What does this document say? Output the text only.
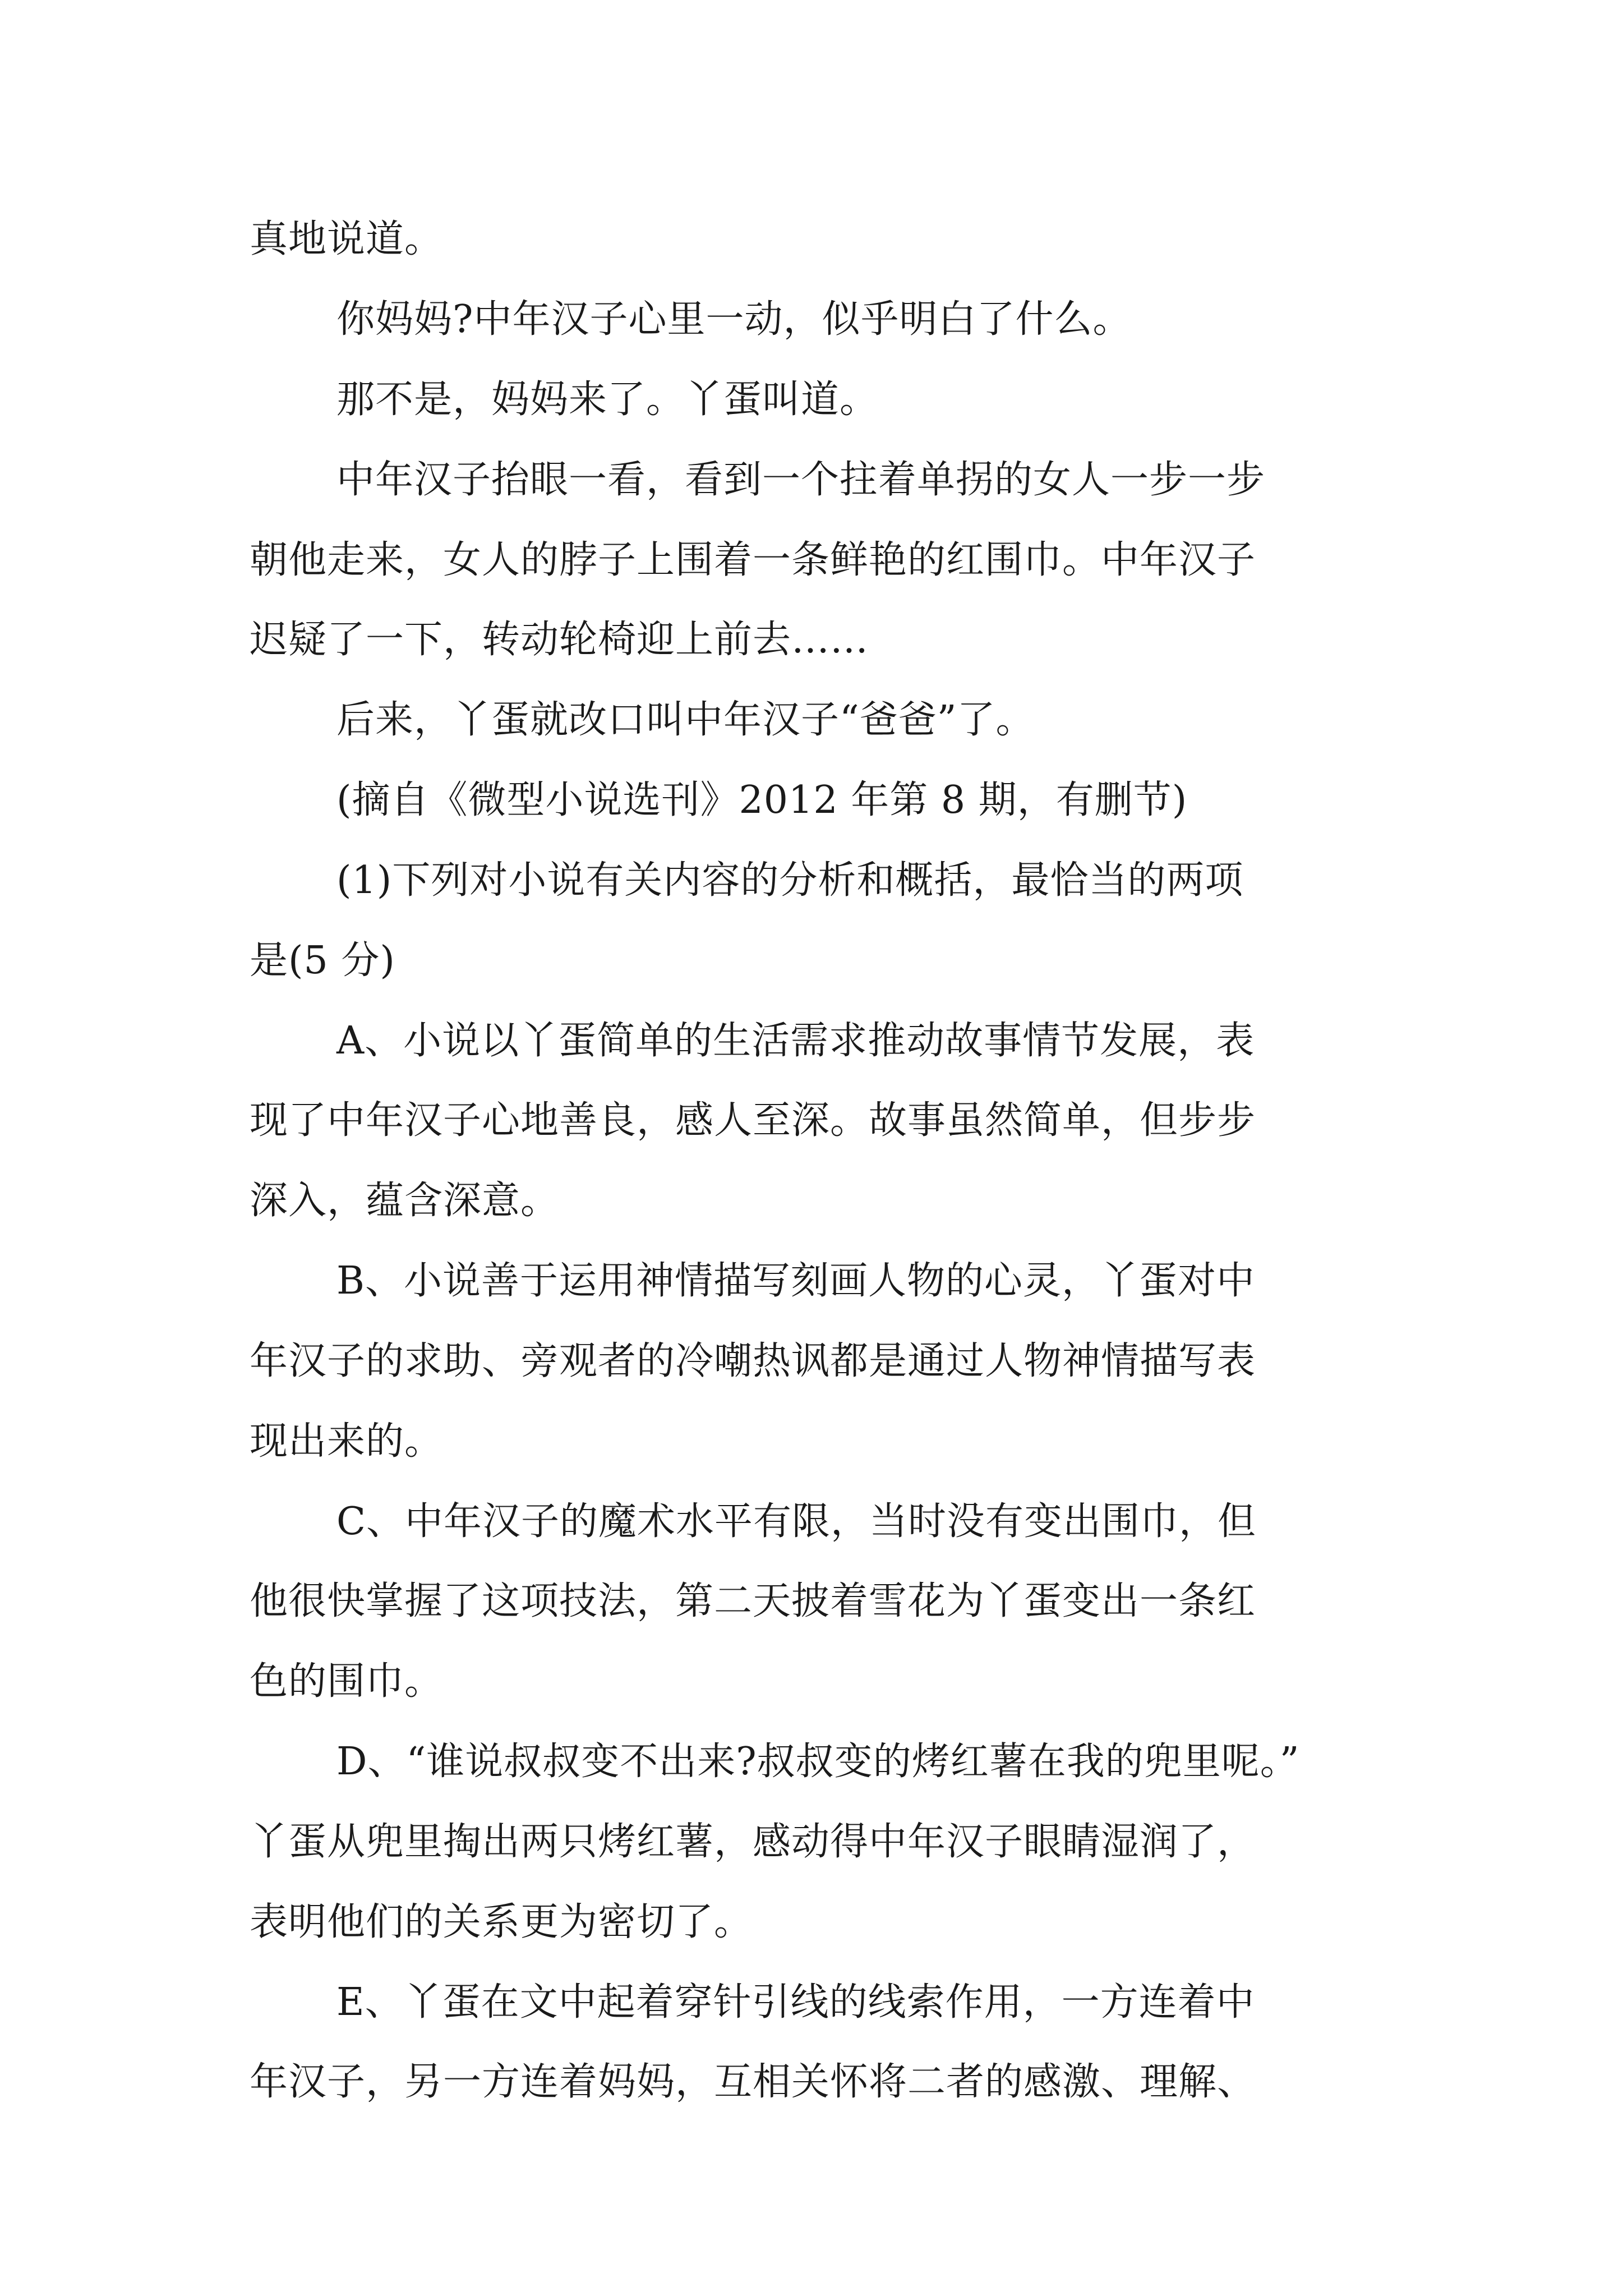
真地说道。
你妈妈?中年汉子心里一动，似乎明白了什么。
那不是，妈妈来了。丫蛋叫道。
中年汉子抬眼一看，看到一个拄着单拐的女人一步一步
朝他走来，女人的脖子上围着一条鲜艳的红围巾。中年汉子
迟疑了一下，转动轮椅迎上前去……
后来，丫蛋就改口叫中年汉子“爸爸”了。
(摘自《微型小说选刊》2012 年第 8 期，有删节)
(1)下列对小说有关内容的分析和概括，最恰当的两项
是(5 分)
A、小说以丫蛋简单的生活需求推动故事情节发展，表
现了中年汉子心地善良，感人至深。故事虽然简单，但步步
深入，蕴含深意。
B、小说善于运用神情描写刻画人物的心灵，丫蛋对中
年汉子的求助、旁观者的冷嘲热讽都是通过人物神情描写表
现出来的。
C、中年汉子的魔术水平有限，当时没有变出围巾，但
他很快掌握了这项技法，第二天披着雪花为丫蛋变出一条红
色的围巾。
D、“谁说叔叔变不出来?叔叔变的烤红薯在我的兜里呢。”
丫蛋从兜里掏出两只烤红薯，感动得中年汉子眼睛湿润了，
表明他们的关系更为密切了。
E、丫蛋在文中起着穿针引线的线索作用，一方连着中
年汉子，另一方连着妈妈，互相关怀将二者的感激、理解、
